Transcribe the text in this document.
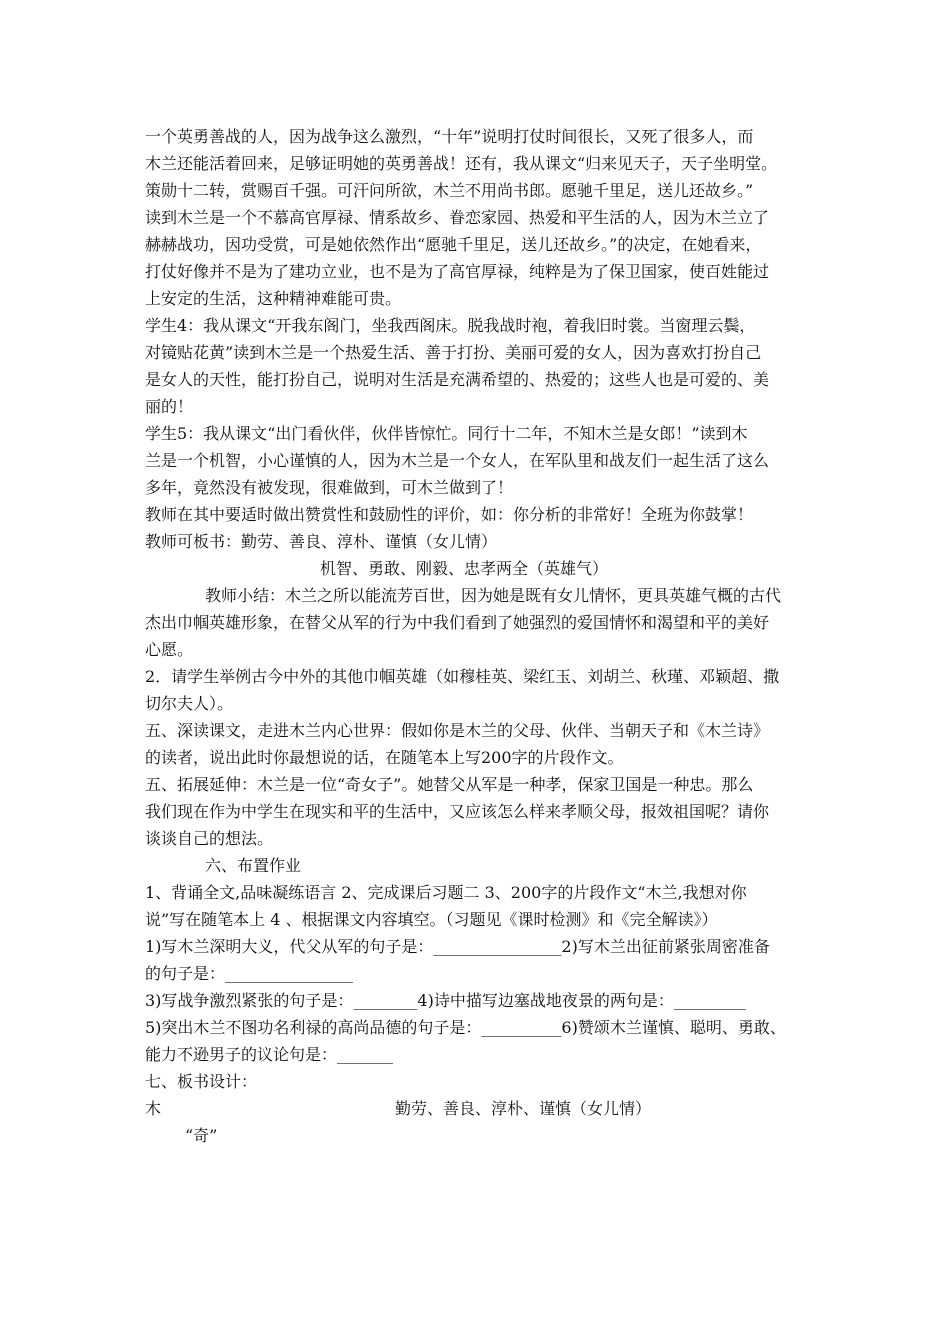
一个英勇善战的人，因为战争这么激烈，“十年”说明打仗时间很长，又死了很多人，而
木兰还能活着回来，足够证明她的英勇善战！还有，我从课文“归来见天子，天子坐明堂。
策勋十二转，赏赐百千强。可汗问所欲，木兰不用尚书郎。愿驰千里足，送儿还故乡。”
读到木兰是一个不慕高官厚禄、情系故乡、眷恋家园、热爱和平生活的人，因为木兰立了
赫赫战功，因功受赏，可是她依然作出“愿驰千里足，送儿还故乡。”的决定，在她看来，
打仗好像并不是为了建功立业，也不是为了高官厚禄，纯粹是为了保卫国家，使百姓能过
上安定的生活，这种精神难能可贵。
学生4：我从课文“开我东阁门，坐我西阁床。脱我战时袍，着我旧时裳。当窗理云鬓，
对镜贴花黄”读到木兰是一个热爱生活、善于打扮、美丽可爱的女人，因为喜欢打扮自己
是女人的天性，能打扮自己，说明对生活是充满希望的、热爱的；这些人也是可爱的、美
丽的！
学生5：我从课文“出门看伙伴，伙伴皆惊忙。同行十二年，不知木兰是女郎！”读到木
兰是一个机智，小心谨慎的人，因为木兰是一个女人，在军队里和战友们一起生活了这么
多年，竟然没有被发现，很难做到，可木兰做到了！
教师在其中要适时做出赞赏性和鼓励性的评价，如：你分析的非常好！全班为你鼓掌！
教师可板书：勤劳、善良、淳朴、谨慎（女儿情）
机智、勇敢、刚毅、忠孝两全（英雄气）
教师小结：木兰之所以能流芳百世，因为她是既有女儿情怀，更具英雄气概的古代
杰出巾帼英雄形象，在替父从军的行为中我们看到了她强烈的爱国情怀和渴望和平的美好
心愿。
2．请学生举例古今中外的其他巾帼英雄（如穆桂英、梁红玉、刘胡兰、秋瑾、邓颖超、撒
切尔夫人）。
五、深读课文，走进木兰内心世界：假如你是木兰的父母、伙伴、当朝天子和《木兰诗》
的读者，说出此时你最想说的话，在随笔本上写200字的片段作文。
五、拓展延伸：木兰是一位“奇女子”。她替父从军是一种孝，保家卫国是一种忠。那么
我们现在作为中学生在现实和平的生活中，又应该怎么样来孝顺父母，报效祖国呢？请你
谈谈自己的想法。
六、布置作业
1、背诵全文,品味凝练语言 2、完成课后习题二 3、200字的片段作文“木兰,我想对你
说”写在随笔本上 4 、根据课文内容填空。（习题见《课时检测》和《完全解读》）
1)写木兰深明大义，代父从军的句子是：________________2)写木兰出征前紧张周密准备
的句子是：________________
3)写战争激烈紧张的句子是：________4)诗中描写边塞战地夜景的两句是：_________
5)突出木兰不图功名利禄的高尚品德的句子是：__________6)赞颂木兰谨慎、聪明、勇敢、
能力不逊男子的议论句是：_______
七、板书设计：
木	勤劳、善良、淳朴、谨慎（女儿情）
“奇”
